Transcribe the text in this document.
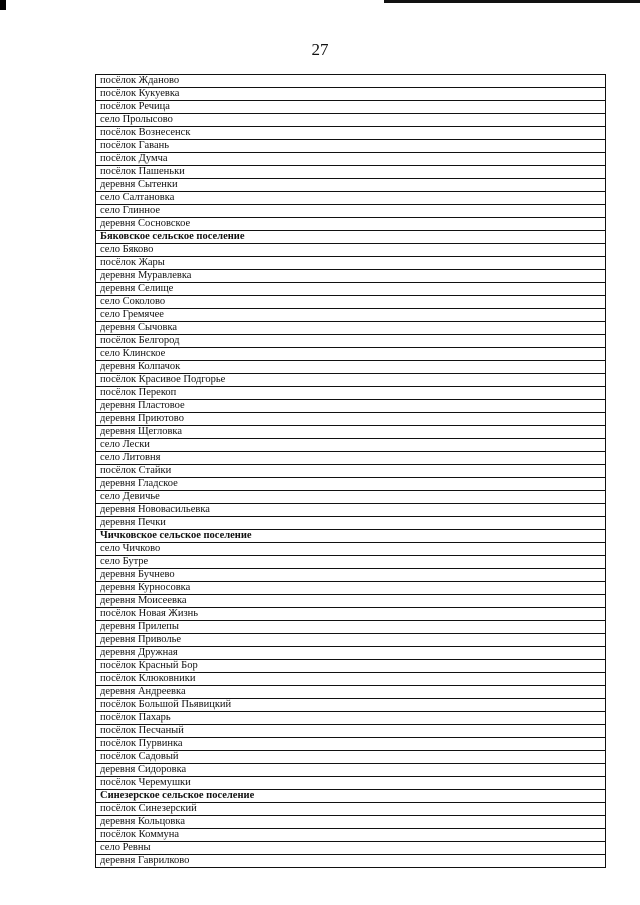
27
посёлок Жданово
посёлок Кукуевка
посёлок Речица
село Пролысово
посёлок Вознесенск
посёлок Гавань
посёлок Думча
посёлок Пашеньки
деревня Сытенки
село Салтановка
село Глинное
деревня Сосновское
Бяковское сельское поселение
село Бяково
посёлок Жары
деревня Муравлевка
деревня Селище
село Соколово
село Гремячее
деревня Сычовка
посёлок Белгород
село Клинское
деревня Колпачок
посёлок Красивое Подгорье
посёлок Перекоп
деревня Пластовое
деревня Приютово
деревня Щегловка
село Лески
село Литовня
посёлок Стайки
деревня Гладское
село Девичье
деревня Нововасильевка
деревня Печки
Чичковское сельское поселение
село Чичково
село Бутре
деревня Бучнево
деревня Курносовка
деревня Моисеевка
посёлок Новая Жизнь
деревня Прилепы
деревня Приволье
деревня Дружная
посёлок Красный Бор
посёлок Клюковники
деревня Андреевка
посёлок Большой Пьявицкий
посёлок Пахарь
посёлок Песчаный
посёлок Пурвинка
посёлок Садовый
деревня Сидоровка
посёлок Черемушки
Синезерское сельское поселение
посёлок Синезерский
деревня Кольцовка
посёлок Коммуна
село Ревны
деревня Гаврилково
